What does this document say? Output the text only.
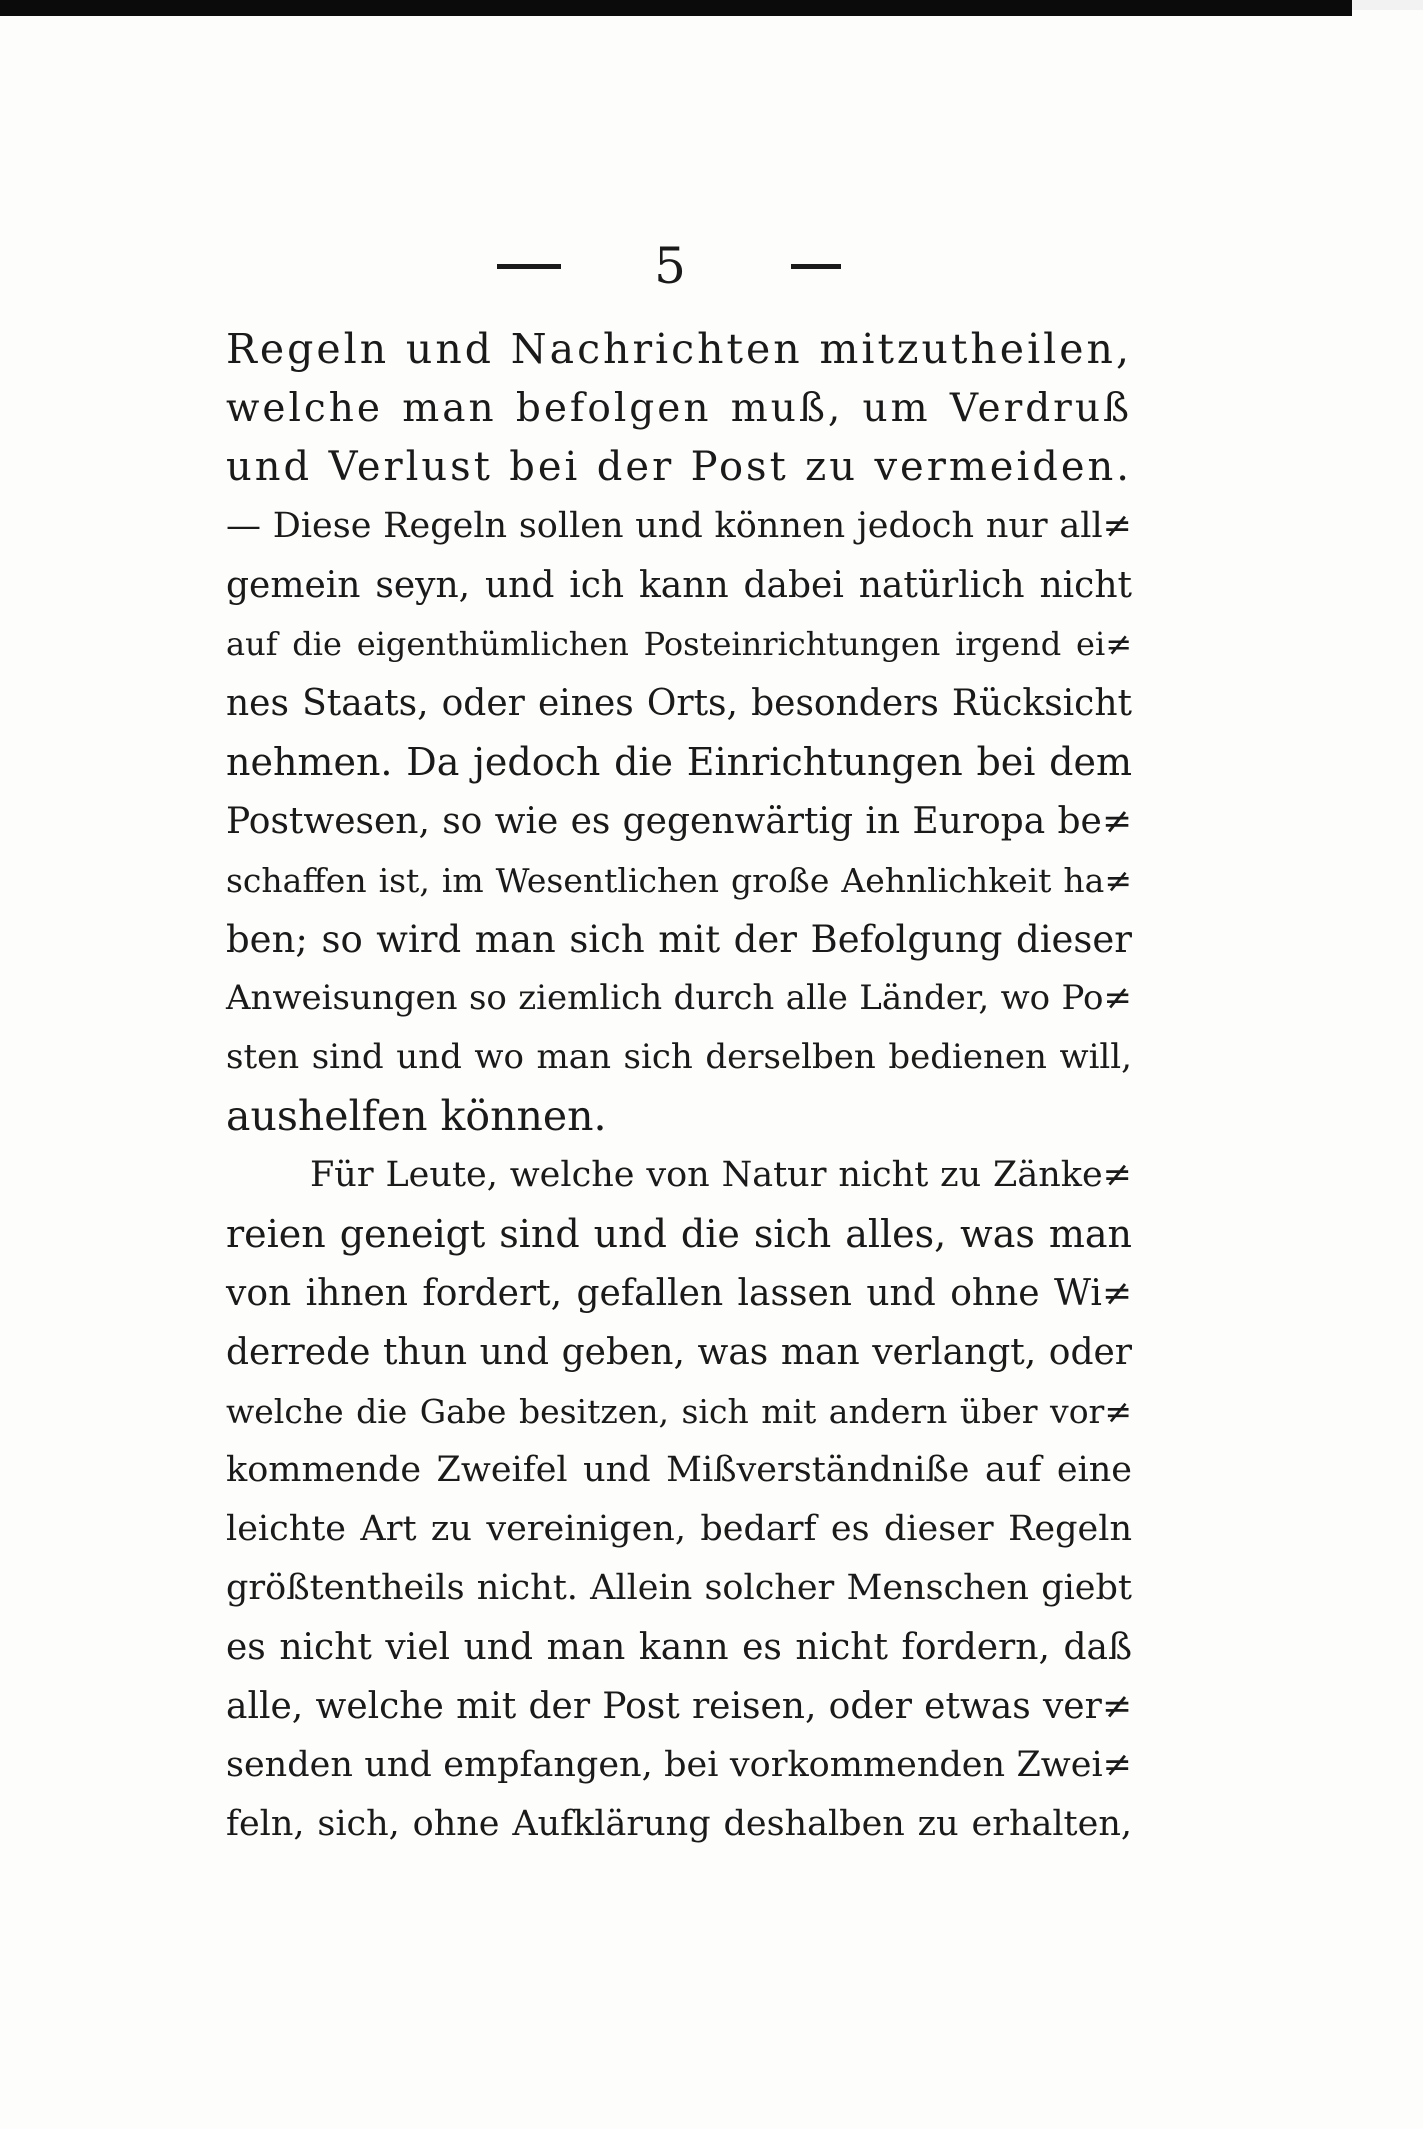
5
Regeln und Nachrichten mitzutheilen,
welche man befolgen muß, um Verdruß
und Verlust bei der Post zu vermeiden.
— Diese Regeln sollen und können jedoch nur all≠
gemein seyn, und ich kann dabei natürlich nicht
auf die eigenthümlichen Posteinrichtungen irgend ei≠
nes Staats, oder eines Orts, besonders Rücksicht
nehmen. Da jedoch die Einrichtungen bei dem
Postwesen, so wie es gegenwärtig in Europa be≠
schaffen ist, im Wesentlichen große Aehnlichkeit ha≠
ben; so wird man sich mit der Befolgung dieser
Anweisungen so ziemlich durch alle Länder, wo Po≠
sten sind und wo man sich derselben bedienen will,
aushelfen können.
Für Leute, welche von Natur nicht zu Zänke≠
reien geneigt sind und die sich alles, was man
von ihnen fordert, gefallen lassen und ohne Wi≠
derrede thun und geben, was man verlangt, oder
welche die Gabe besitzen, sich mit andern über vor≠
kommende Zweifel und Mißverständniße auf eine
leichte Art zu vereinigen, bedarf es dieser Regeln
größtentheils nicht. Allein solcher Menschen giebt
es nicht viel und man kann es nicht fordern, daß
alle, welche mit der Post reisen, oder etwas ver≠
senden und empfangen, bei vorkommenden Zwei≠
feln, sich, ohne Aufklärung deshalben zu erhalten,
